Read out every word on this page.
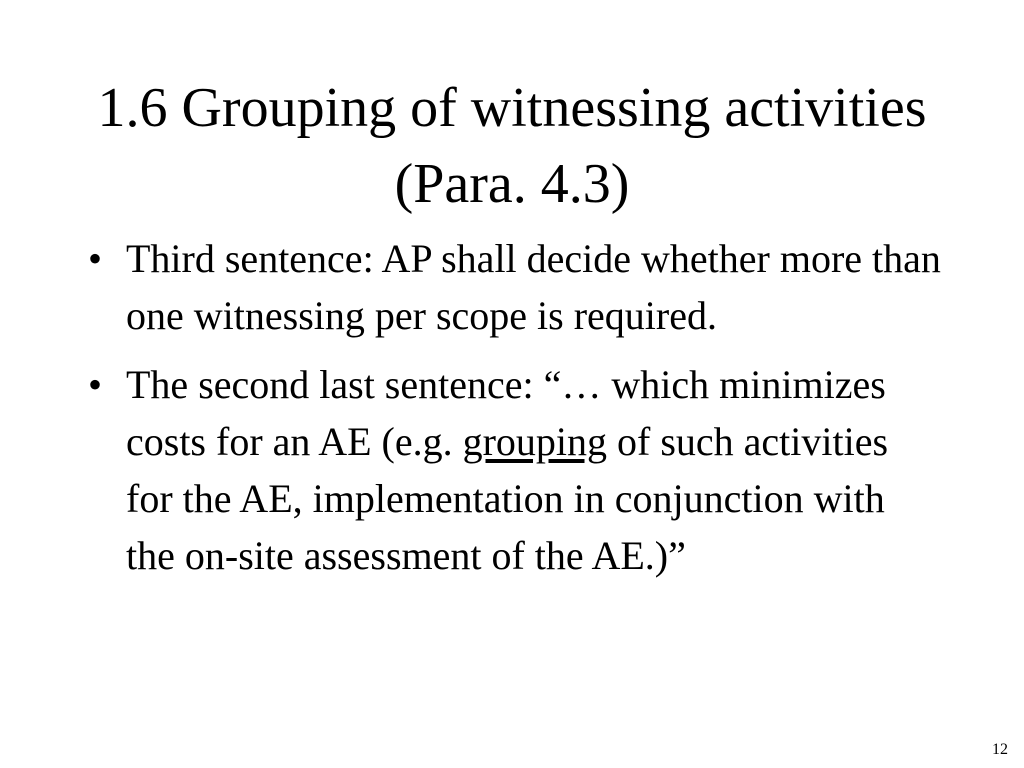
1.6 Grouping of witnessing activities (Para. 4.3)
• Third sentence: AP shall decide whether more than one witnessing per scope is required.
• The second last sentence: “… which minimizes costs for an AE (e.g. grouping of such activities for the AE, implementation in conjunction with the on-site assessment of the AE.)”
12
